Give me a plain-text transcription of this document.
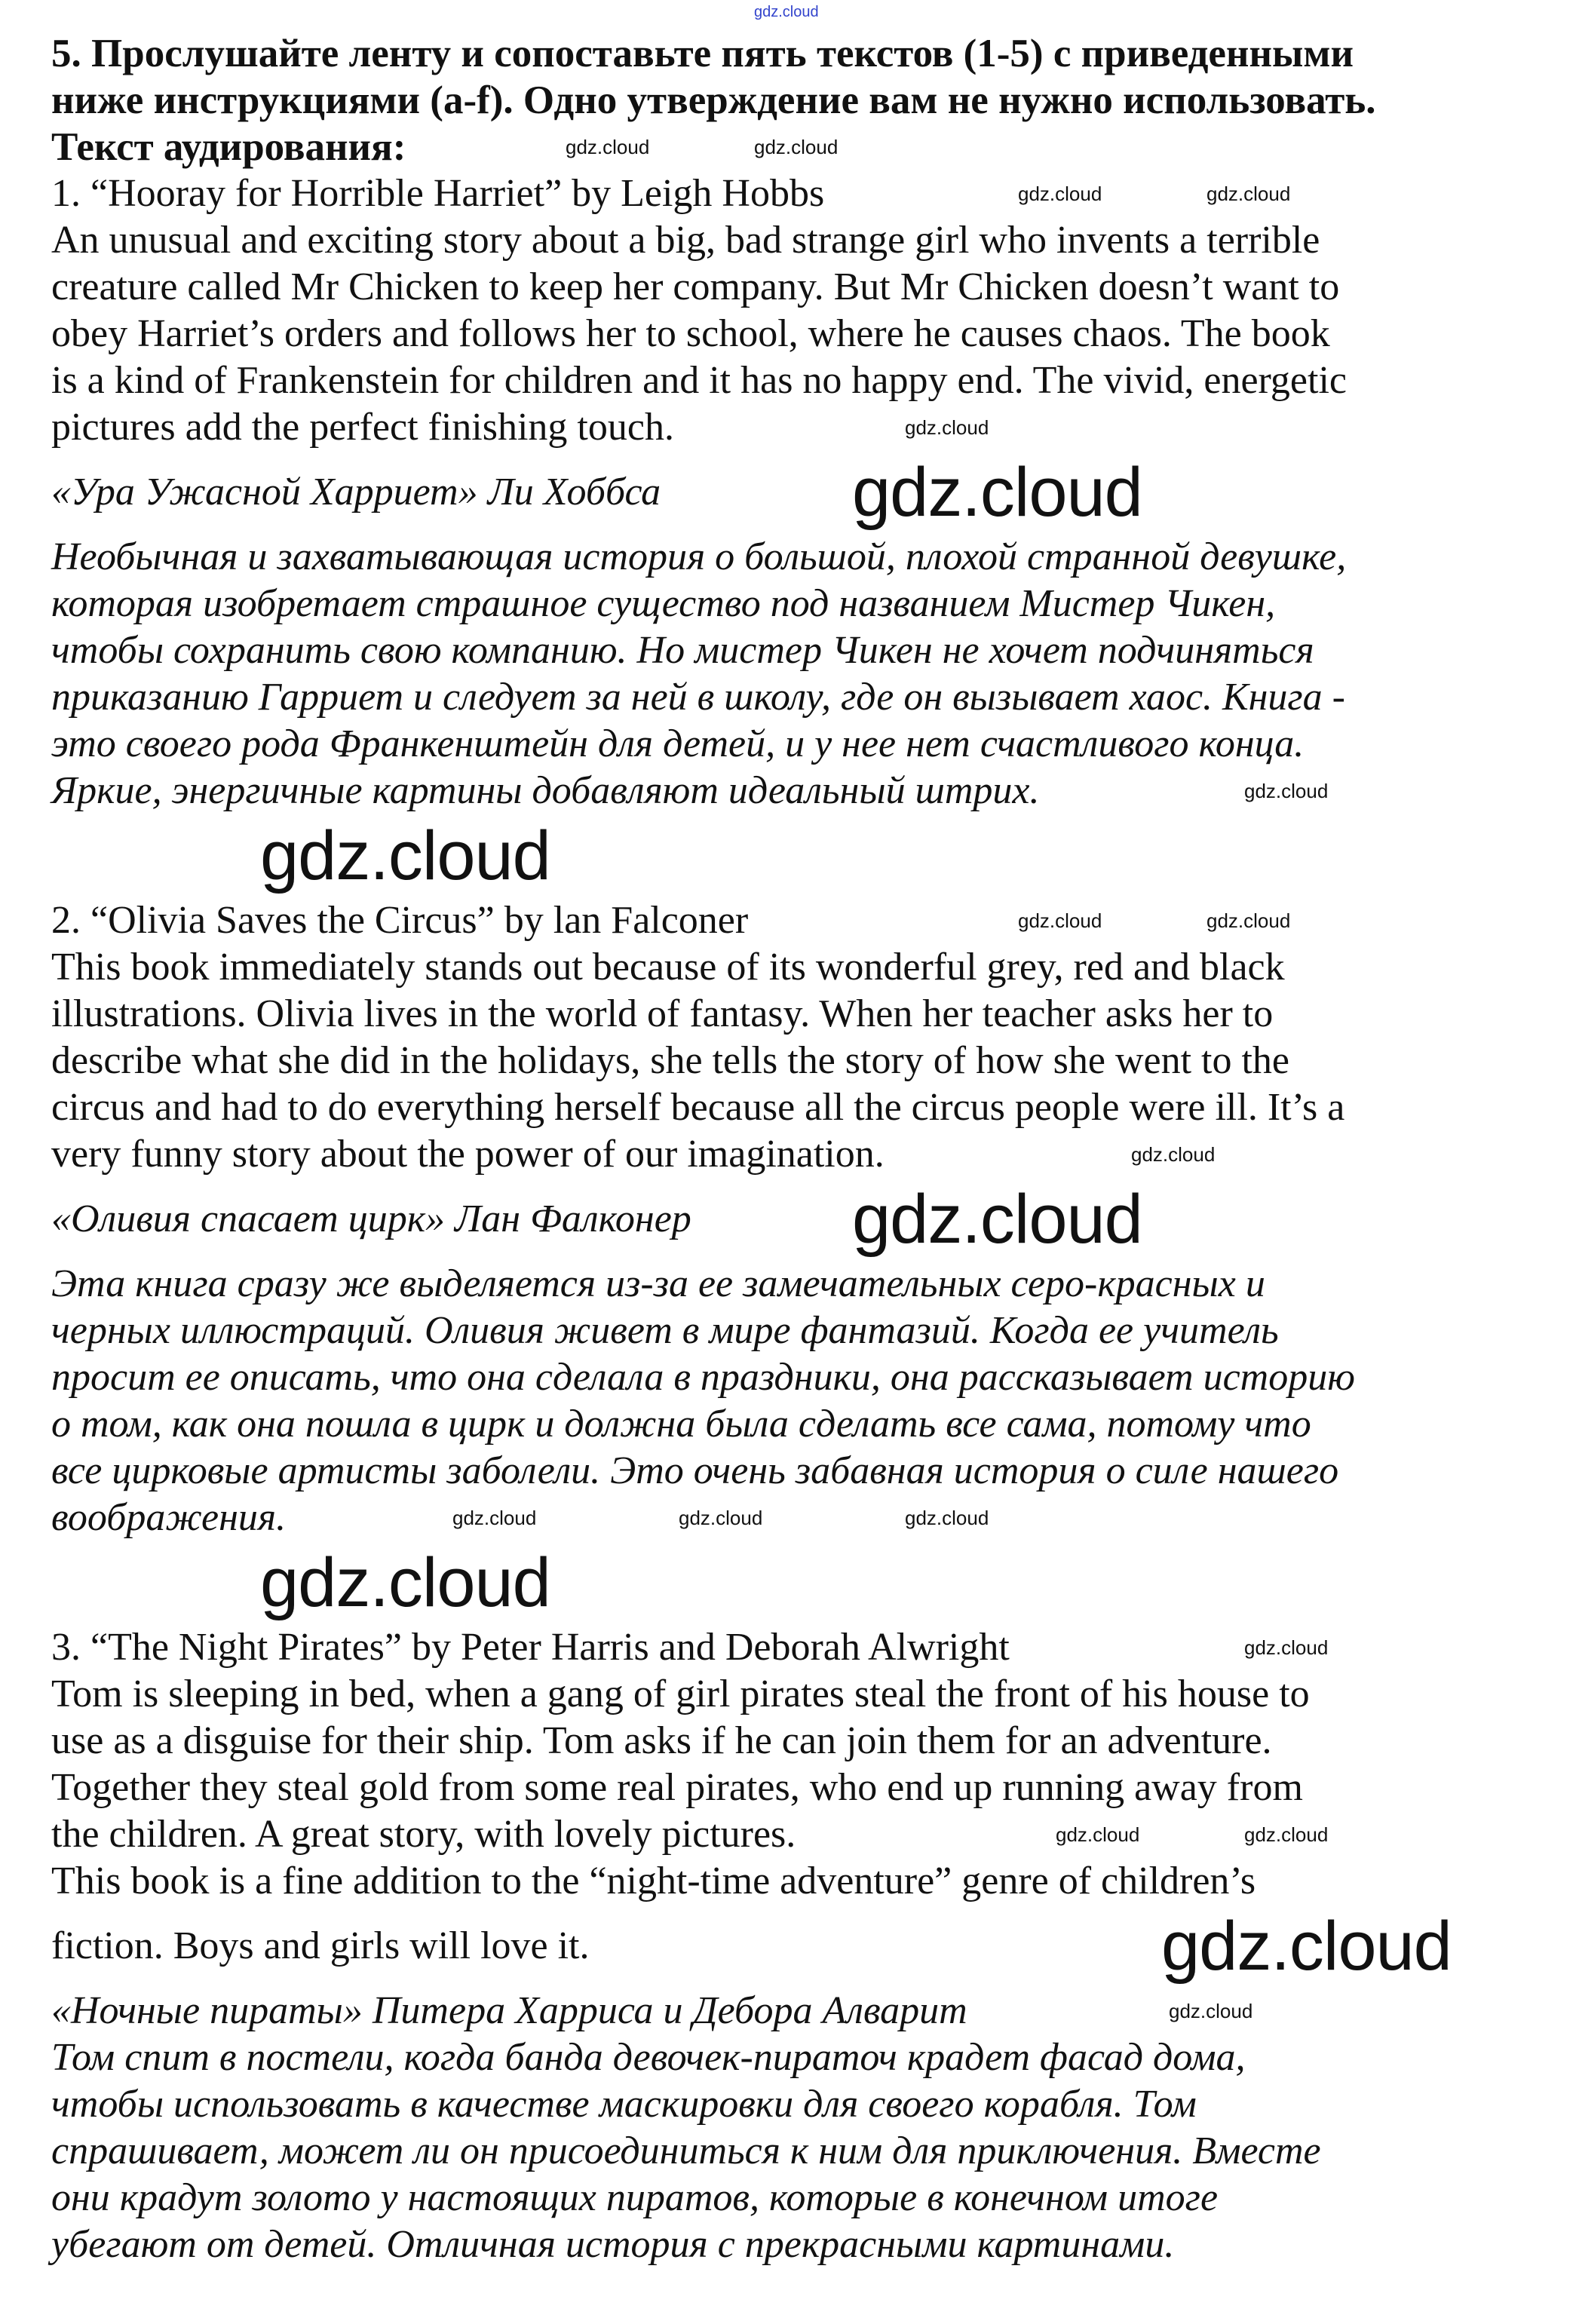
gdz.cloud
5. Прослушайте ленту и сопоставьте пять текстов (1-5) с приведенными
ниже инструкциями (a-f). Одно утверждение вам не нужно использовать.
Текст аудирования:
1. “Hooray for Horrible Harriet” by Leigh Hobbs
An unusual and exciting story about a big, bad strange girl who invents a terrible
creature called Mr Chicken to keep her company. But Mr Chicken doesn’t want to
obey Harriet’s orders and follows her to school, where he causes chaos. The book
is a kind of Frankenstein for children and it has no happy end. The vivid, energetic
pictures add the perfect finishing touch.
«Ура Ужасной Харриет» Ли Хоббса	gdz.cloud
Необычная и захватывающая история о большой, плохой странной девушке,
которая изобретает страшное существо под названием Мистер Чикен,
чтобы сохранить свою компанию. Но мистер Чикен не хочет подчиняться
приказанию Гарриет и следует за ней в школу, где он вызывает хаос. Книга -
это своего рода Франкенштейн для детей, и у нее нет счастливого конца.
Яркие, энергичные картины добавляют идеальный штрих.
gdz.cloud
2. “Olivia Saves the Circus” by lan Falconer
This book immediately stands out because of its wonderful grey, red and black
illustrations. Olivia lives in the world of fantasy. When her teacher asks her to
describe what she did in the holidays, she tells the story of how she went to the
circus and had to do everything herself because all the circus people were ill. It’s a
very funny story about the power of our imagination.
«Оливия спасает цирк» Лан Фалконер gdz.cloud
Эта книга сразу же выделяется из-за ее замечательных серо-красных и
черных иллюстраций. Оливия живет в мире фантазий. Когда ее учитель
просит ее описать, что она сделала в праздники, она рассказывает историю
о том, как она пошла в цирк и должна была сделать все сама, потому что
все цирковые артисты заболели. Это очень забавная история о силе нашего
воображения.
gdz.cloud
3. “The Night Pirates” by Peter Harris and Deborah Alwright
Tom is sleeping in bed, when a gang of girl pirates steal the front of his house to
use as a disguise for their ship. Tom asks if he can join them for an adventure.
Together they steal gold from some real pirates, who end up running away from
the children. A great story, with lovely pictures.
This book is a fine addition to the “night-time adventure” genre of children’s
fiction. Boys and girls will love it.	gdz.cloud
«Ночные пираты» Питера Харриса и Дебора Алварит
Том спит в постели, когда банда девочек-пираточ крадет фасад дома,
чтобы использовать в качестве маскировки для своего корабля. Том
спрашивает, может ли он присоединиться к ним для приключения. Вместе
они крадут золото у настоящих пиратов, которые в конечном итоге
убегают от детей. Отличная история с прекрасными картинами.
gdz.cloud	gdz.cloud
gdz.cloud	gdz.cloud
gdz.cloud
gdz.cloud
gdz.cloud	gdz.cloud
gdz.cloud
gdz.cloud	gdz.cloud	gdz.cloud
gdz.cloud
gdz.cloud	gdz.cloud
gdz.cloud
